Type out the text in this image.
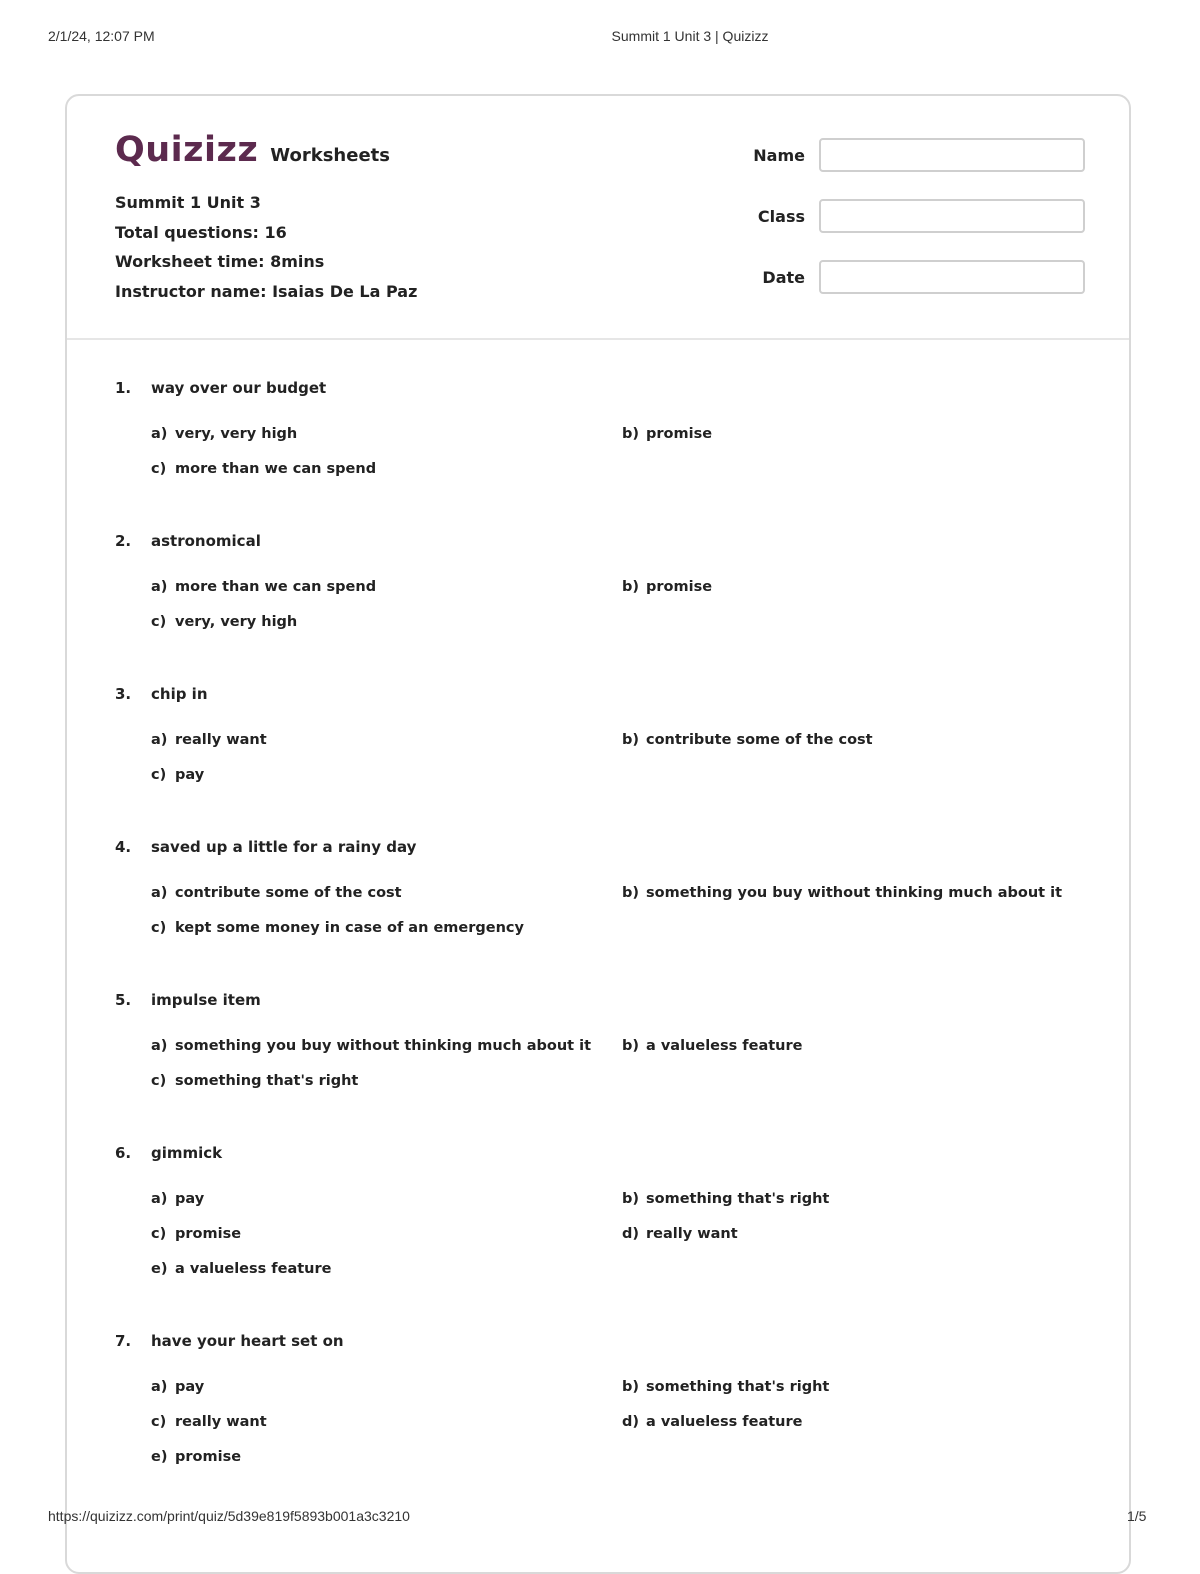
2/1/24, 12:07 PM	Summit 1 Unit 3 | Quizizz
Quizizz Worksheets
Summit 1 Unit 3
Total questions: 16
Worksheet time: 8mins
Instructor name: Isaias De La Paz
Name
Class
Date
1. way over our budget
a) very, very high	b) promise
c) more than we can spend
2. astronomical
a) more than we can spend	b) promise
c) very, very high
3. chip in
a) really want	b) contribute some of the cost
c) pay
4. saved up a little for a rainy day
a) contribute some of the cost	b) something you buy without thinking much about it
c) kept some money in case of an emergency
5. impulse item
a) something you buy without thinking much about it b) a valueless feature
c) something that's right
6. gimmick
a) pay	b) something that's right
c) promise	d) really want
e) a valueless feature
7. have your heart set on
a) pay	b) something that's right
c) really want	d) a valueless feature
e) promise
https://quizizz.com/print/quiz/5d39e819f5893b001a3c3210	1/5
